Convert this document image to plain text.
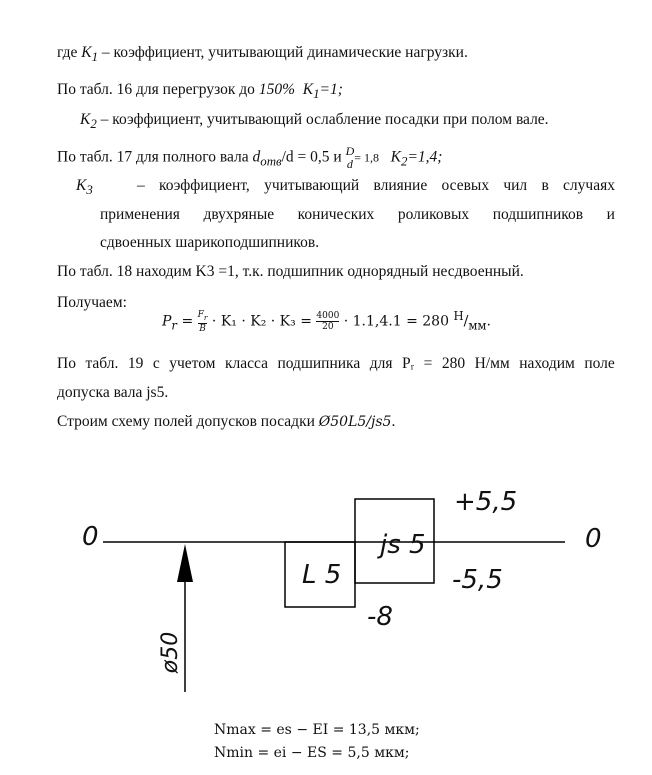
где $K_1$ – коэффициент, учитывающий динамические нагрузки.
По табл. 16 для перегрузок до 150% $K_1=1$;
$K_2$ – коэффициент, учитывающий ослабление посадки при полом вале.
По табл. 17 для полного вала $d_{отв}/d = 0,5$ и D
d = 1,8 $K_2=1,4$;
$K_3$	– коэффициент, учитывающий влияние осевых чил в случаях
применения двухряные конических роликовых подшипников и
сдвоенных шарикоподшипников.
По табл. 18 находим K3 =1, т.к. подшипник однорядный несдвоенный.
Получаем:
$P_r = \frac{F_r}{B} \cdot K_1 \cdot K_2 \cdot K_3 = \frac{4000}{20} \cdot 1.1,4.1 = 280$ $^Н/_{мм}$.
По табл. 19 с учетом класса подшипника для Pᵣ = 280 Н/мм находим поле
допуска вала js5.
Строим схему полей допусков посадки Ø50L5/js5.
0	0
ø50
L 5
js 5
+5,5
-5,5
-8
Nmax = es − EI = 13,5 мкм;
Nmin = ei − ES = 5,5 мкм;
